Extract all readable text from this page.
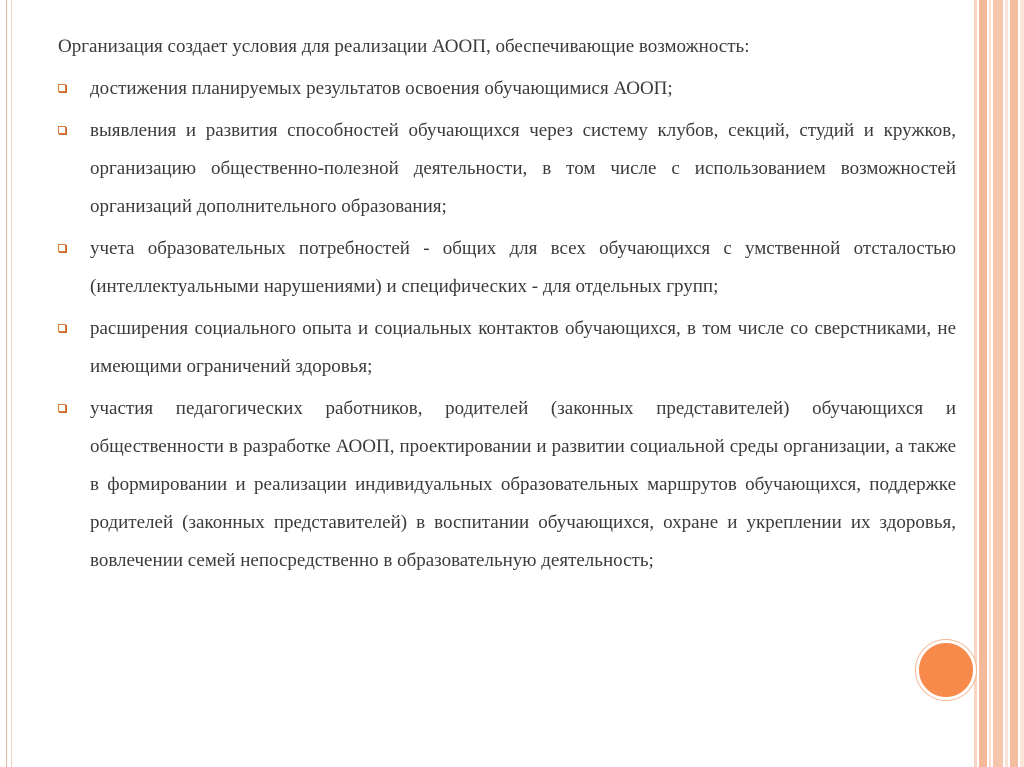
Организация создает условия для реализации АООП, обеспечивающие возможность:

достижения планируемых результатов освоения обучающимися АООП;
выявления и развития способностей обучающихся через систему клубов, секций, студий и кружков, организацию общественно-полезной деятельности, в том числе с использованием возможностей организаций дополнительного образования;
учета образовательных потребностей - общих для всех обучающихся с умственной отсталостью (интеллектуальными нарушениями) и специфических - для отдельных групп;
расширения социального опыта и социальных контактов обучающихся, в том числе со сверстниками, не имеющими ограничений здоровья;
участия педагогических работников, родителей (законных представителей) обучающихся и общественности в разработке АООП, проектировании и развитии социальной среды организации, а также в формировании и реализации индивидуальных образовательных маршрутов обучающихся, поддержке родителей (законных представителей) в воспитании обучающихся, охране и укреплении их здоровья, вовлечении семей непосредственно в образовательную деятельность;
